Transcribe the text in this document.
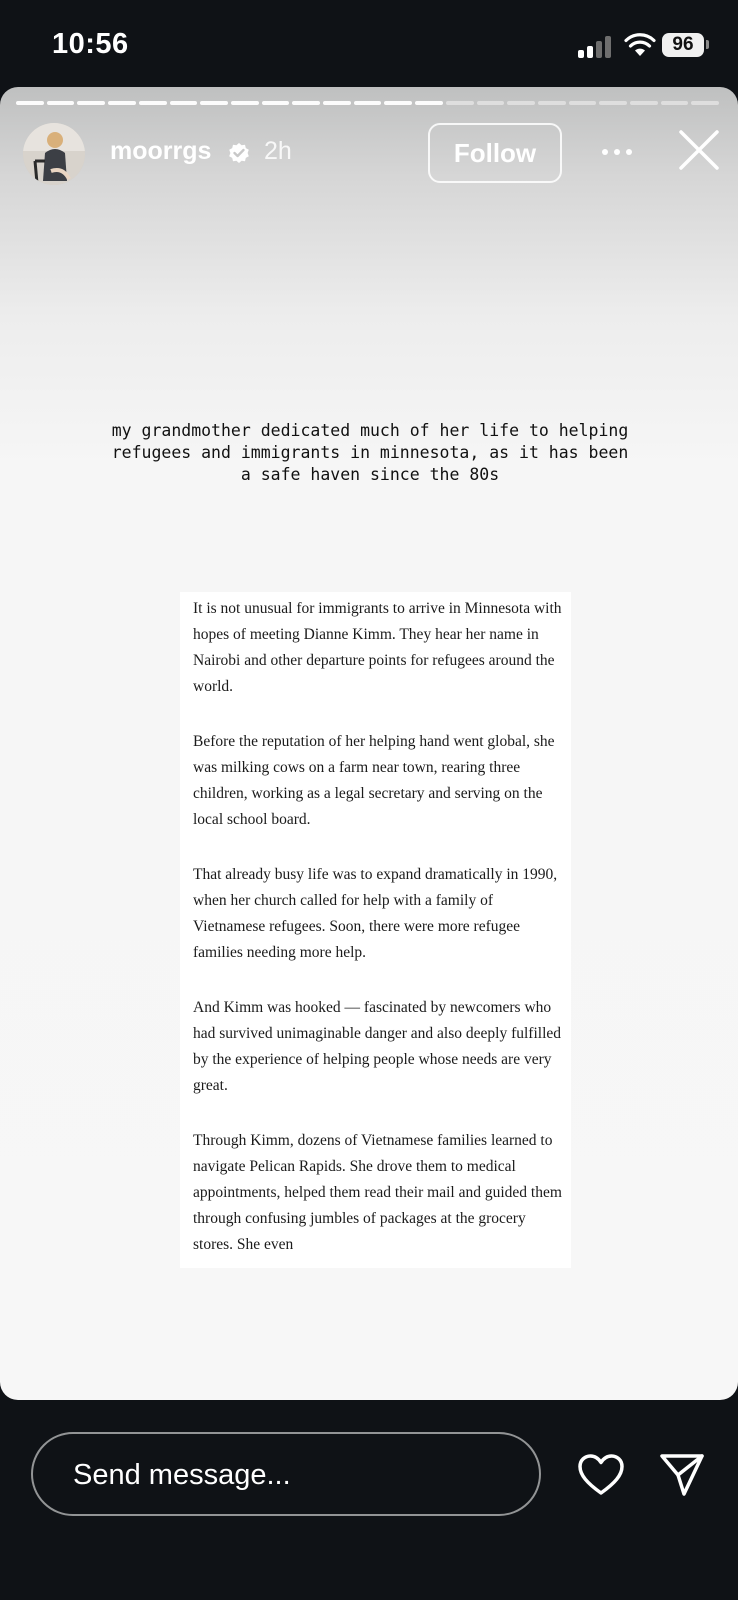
10:56	96
moorrgs 2h	Follow
my grandmother dedicated much of her life to helping refugees and immigrants in minnesota, as it has been a safe haven since the 80s

It is not unusual for immigrants to arrive in Minnesota with hopes of meeting Dianne Kimm. They hear her name in Nairobi and other departure points for refugees around the world.

Before the reputation of her helping hand went global, she was milking cows on a farm near town, rearing three children, working as a legal secretary and serving on the local school board.

That already busy life was to expand dramatically in 1990, when her church called for help with a family of Vietnamese refugees. Soon, there were more refugee families needing more help.

And Kimm was hooked — fascinated by newcomers who had survived unimaginable danger and also deeply fulfilled by the experience of helping people whose needs are very great.

Through Kimm, dozens of Vietnamese families learned to navigate Pelican Rapids. She drove them to medical appointments, helped them read their mail and guided them through confusing jumbles of packages at the grocery stores. She even

Send message...
